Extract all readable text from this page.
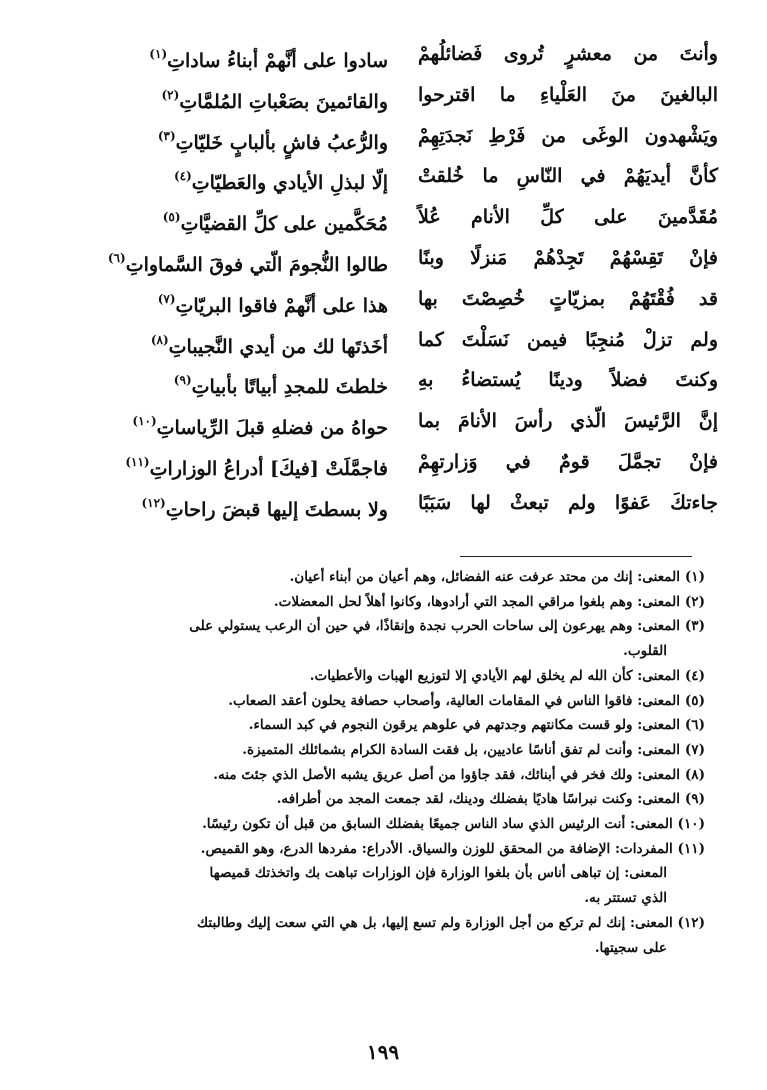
وأنتَ من معشرٍ تُروى فَضائلُهمْ
سادوا على أنَّهمْ أبناءُ ساداتِ$^{(١)}$
البالغينَ منَ العَلْياءِ ما اقترحوا
والقائمينَ بصَعْباتِ المُلمَّاتِ$^{(٢)}$
ويَشْهدون الوغَى من فَرْطِ نَجدَتِهِمْ
والرُّعبُ فاشٍ بألبابٍ خَليّاتِ$^{(٣)}$
كأنَّ أيديَهُمْ في النّاسِ ما خُلقتْ
إلّا لبذلِ الأيادي والعَطيّاتِ$^{(٤)}$
مُقَدَّمينَ على كلِّ الأنام عُلاً
مُحَكَّمين على كلِّ القضيَّاتِ$^{(٥)}$
فإنْ تَقِسْهُمْ تَجِدْهُمْ مَنزلًا وبنًا
طالوا النُّجومَ الّتي فوقَ السَّماواتِ$^{(٦)}$
قد فُقْتَهُمْ بمزيّاتٍ خُصِصْتَ بها
هذا على أنَّهمْ فاقوا البريّاتِ$^{(٧)}$
ولم تزلْ مُنجِبًا فيمن نَسَلْتَ كما
أخَذتَها لك من أيدي النَّجيباتِ$^{(٨)}$
وكنتَ فضلاً ودينًا يُستضاءُ بهِ
خلطتَ للمجدِ أبياتًا بأبياتِ$^{(٩)}$
إنَّ الرَّئيسَ الّذي رأسَ الأنامَ بما
حواهُ من فضلهِ قبلَ الرِّياساتِ$^{(١٠)}$
فإنْ تجمَّلَ قومٌ في وَزارتهِمْ
فاجمَّلَتْ [فيكَ] أدراعُ الوزاراتِ$^{(١١)}$
جاءتكَ عَفوًا ولم تبعثْ لها سَبَبًا
ولا بسطتَ إليها قبضَ راحاتِ$^{(١٢)}$
(١) المعنى: إنك من محتد عرفت عنه الفضائل، وهم أعيان من أبناء أعيان.
(٢) المعنى: وهم بلغوا مراقي المجد التي أرادوها، وكانوا أهلاً لحل المعضلات.
(٣) المعنى: وهم يهرعون إلى ساحات الحرب نجدة وإنقاذًا، في حين أن الرعب يستولي على
القلوب.
(٤) المعنى: كأن الله لم يخلق لهم الأيادي إلا لتوزيع الهبات والأعطيات.
(٥) المعنى: فاقوا الناس في المقامات العالية، وأصحاب حصافة يحلون أعقد الصعاب.
(٦) المعنى: ولو قست مكانتهم وجدتهم في علوهم يرقون النجوم في كبد السماء.
(٧) المعنى: وأنت لم تفق أناسًا عاديين، بل فقت السادة الكرام بشمائلك المتميزة.
(٨) المعنى: ولك فخر في أبنائك، فقد جاؤوا من أصل عريق يشبه الأصل الذي جئتَ منه.
(٩) المعنى: وكنت نبراسًا هاديًا بفضلك ودينك، لقد جمعت المجد من أطرافه.
(١٠) المعنى: أنت الرئيس الذي ساد الناس جميعًا بفضلك السابق من قبل أن تكون رئيسًا.
(١١) المفردات: الإضافة من المحقق للوزن والسياق. الأدراع: مفردها الدرع، وهو القميص.
المعنى: إن تباهى أناس بأن بلغوا الوزارة فإن الوزارات تباهت بك واتخذتك قميصها
الذي تستتر به.
(١٢) المعنى: إنك لم تركع من أجل الوزارة ولم تسع إليها، بل هي التي سعت إليك وطالبتك
على سجيتها.
١٩٩
